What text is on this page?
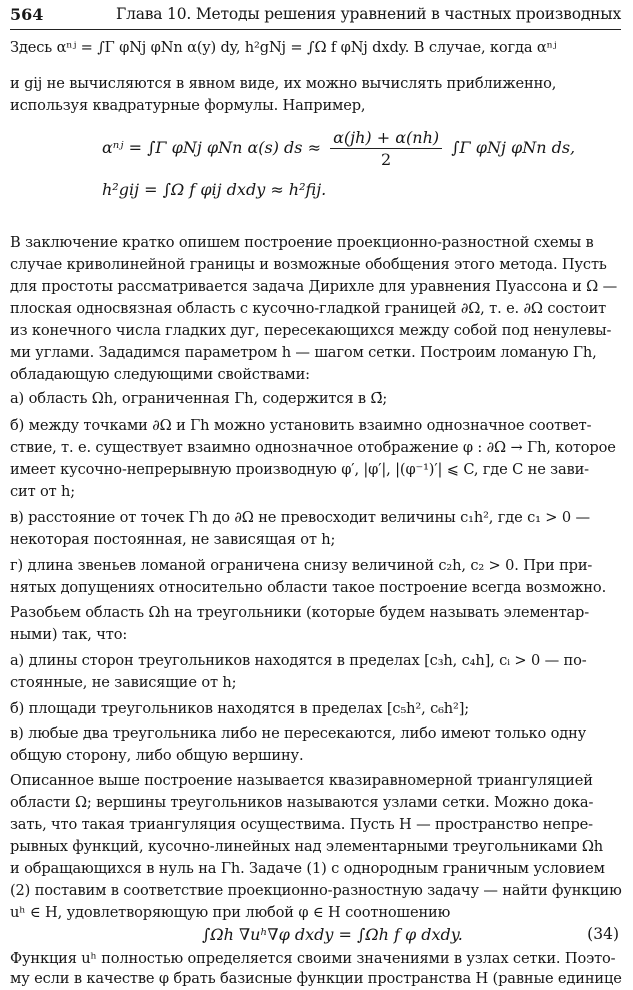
564	Глава 10. Методы решения уравнений в частных производных
Здесь αⁿʲ = ∫Γ φNj φNn α(y) dy, h²gNj = ∫Ω f φNj dxdy. В случае, когда αⁿʲ
и gij не вычисляются в явном виде, их можно вычислять приближенно,
используя квадратурные формулы. Например,
αⁿʲ = ∫Γ φNj φNn α(s) ds ≈ $\frac{\alpha(jh) + \alpha(nh)}{2} \int\Gamma$ φNj φNn ds,
h²gij = ∫Ω f φij dxdy ≈ h²fij.
В заключение кратко опишем построение проекционно-разностной схемы в
случае криволинейной границы и возможные обобщения этого метода. Пусть
для простоты рассматривается задача Дирихле для уравнения Пуассона и Ω —
плоская односвязная область с кусочно-гладкой границей ∂Ω, т. е. ∂Ω состоит
из конечного числа гладких дуг, пересекающихся между собой под ненулевы-
ми углами. Зададимся параметром h — шагом сетки. Построим ломаную Γh,
обладающую следующими свойствами:
а) область Ωh, ограниченная Γh, содержится в Ω̄;
б) между точками ∂Ω и Γh можно установить взаимно однозначное соответ-
ствие, т. е. существует взаимно однозначное отображение φ : ∂Ω → Γh, которое
имеет кусочно-непрерывную производную φ′, |φ′|, |(φ⁻¹)′| ⩽ C, где C не зави-
сит от h;
в) расстояние от точек Γh до ∂Ω не превосходит величины c₁h², где c₁ > 0 —
некоторая постоянная, не зависящая от h;
г) длина звеньев ломаной ограничена снизу величиной c₂h, c₂ > 0. При при-
нятых допущениях относительно области такое построение всегда возможно.
Разобьем область Ωh на треугольники (которые будем называть элементар-
ными) так, что:
а) длины сторон треугольников находятся в пределах [c₃h, c₄h], cᵢ > 0 — по-
стоянные, не зависящие от h;
б) площади треугольников находятся в пределах [c₅h², c₆h²];
в) любые два треугольника либо не пересекаются, либо имеют только одну
общую сторону, либо общую вершину.
Описанное выше построение называется квазиравномерной триангуляцией
области Ω; вершины треугольников называются узлами сетки. Можно дока-
зать, что такая триангуляция осуществима. Пусть H — пространство непре-
рывных функций, кусочно-линейных над элементарными треугольниками Ωh
и обращающихся в нуль на Γh. Задаче (1) с однородным граничным условием
(2) поставим в соответствие проекционно-разностную задачу — найти функцию
uʰ ∈ H, удовлетворяющую при любой φ ∈ H соотношению
∫Ωh ∇uʰ∇φ dxdy = ∫Ωh f φ dxdy.	(34)
Функция uʰ полностью определяется своими значениями в узлах сетки. Поэто-
му если в качестве φ брать базисные функции пространства H (равные единице
